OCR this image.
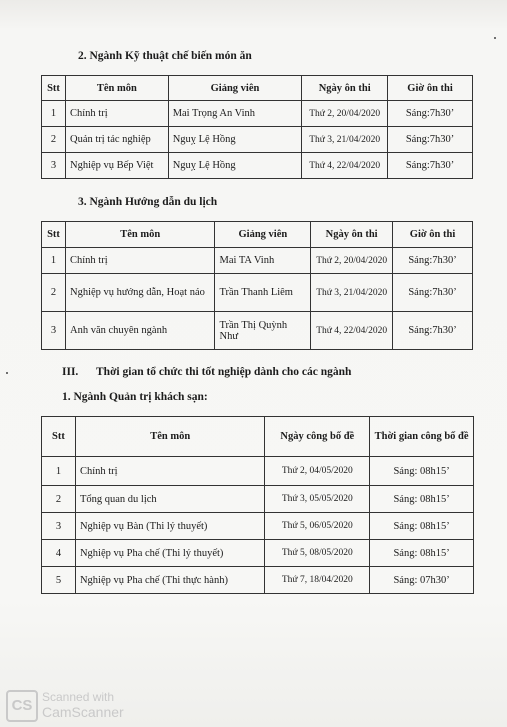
2. Ngành Kỹ thuật chế biến món ăn
Stt	Tên môn	Giảng viên	Ngày ôn thi	Giờ ôn thi
1	Chính trị	Mai Trọng An Vinh	Thứ 2, 20/04/2020	Sáng:7h30’
2	Quản trị tác nghiệp	Nguỵ Lệ Hồng	Thứ 3, 21/04/2020	Sáng:7h30’
3	Nghiệp vụ Bếp Việt	Nguỵ Lệ Hồng	Thứ 4, 22/04/2020	Sáng:7h30’
3. Ngành Hướng dẫn du lịch
Stt	Tên môn	Giảng viên	Ngày ôn thi	Giờ ôn thi
1	Chính trị	Mai TA Vinh	Thứ 2, 20/04/2020	Sáng:7h30’
2	Nghiệp vụ hướng dẫn, Hoạt náo	Trần Thanh Liêm	Thứ 3, 21/04/2020	Sáng:7h30’
3	Anh văn chuyên ngành	Trần Thị Quỳnh Như	Thứ 4, 22/04/2020	Sáng:7h30’
III. Thời gian tổ chức thi tốt nghiệp dành cho các ngành
1. Ngành Quản trị khách sạn:
Stt	Tên môn	Ngày công bố đề	Thời gian công bố đề
1	Chính trị	Thứ 2, 04/05/2020	Sáng: 08h15’
2	Tổng quan du lịch	Thứ 3, 05/05/2020	Sáng: 08h15’
3	Nghiệp vụ Bàn (Thi lý thuyết)	Thứ 5, 06/05/2020	Sáng: 08h15’
4	Nghiệp vụ Pha chế (Thi lý thuyết)	Thứ 5, 08/05/2020	Sáng: 08h15’
5	Nghiệp vụ Pha chế (Thi thực hành)	Thứ 7, 18/04/2020	Sáng: 07h30’
CS Scanned with
CamScanner
